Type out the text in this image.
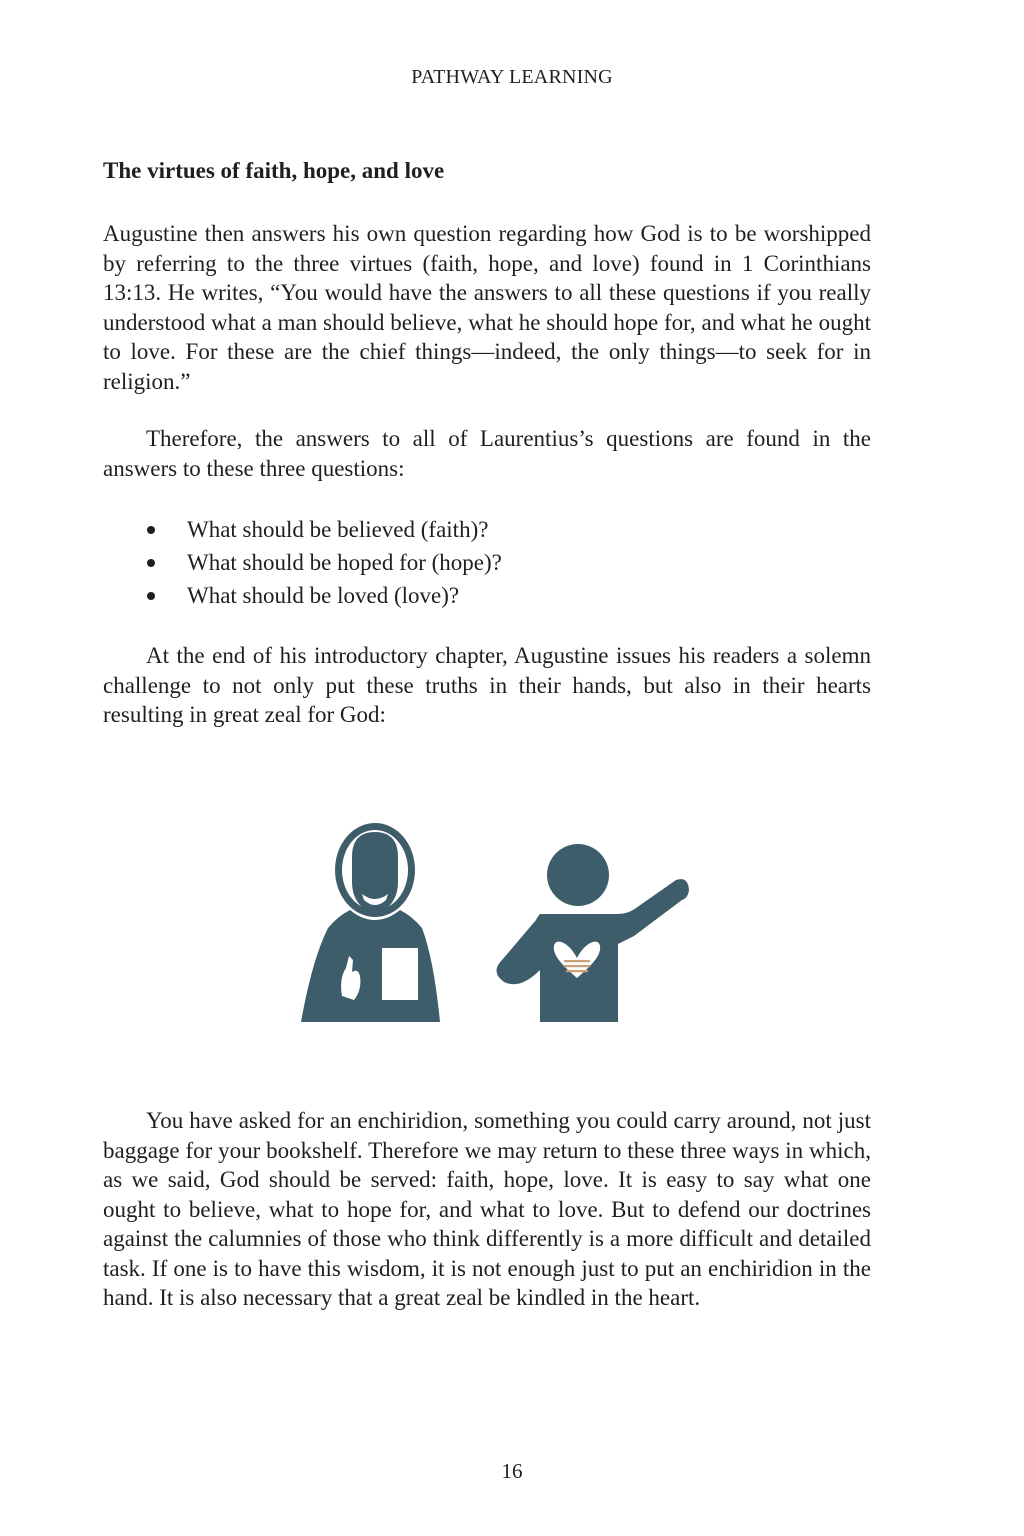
PATHWAY LEARNING
The virtues of faith, hope, and love

Augustine then answers his own question regarding how God is to be worshipped by referring to the three virtues (faith, hope, and love) found in 1 Corinthians 13:13. He writes, “You would have the answers to all these questions if you really understood what a man should believe, what he should hope for, and what he ought to love. For these are the chief things—indeed, the only things—to seek for in religion.”

Therefore, the answers to all of Laurentius’s questions are found in the answers to these three questions:

What should be believed (faith)?
What should be hoped for (hope)?
What should be loved (love)?

At the end of his introductory chapter, Augustine issues his readers a solemn challenge to not only put these truths in their hands, but also in their hearts resulting in great zeal for God:

You have asked for an enchiridion, something you could carry around, not just baggage for your bookshelf. Therefore we may return to these three ways in which, as we said, God should be served: faith, hope, love. It is easy to say what one ought to believe, what to hope for, and what to love. But to defend our doctrines against the calumnies of those who think differently is a more difficult and detailed task. If one is to have this wisdom, it is not enough just to put an enchiridion in the hand. It is also necessary that a great zeal be kindled in the heart.

16
